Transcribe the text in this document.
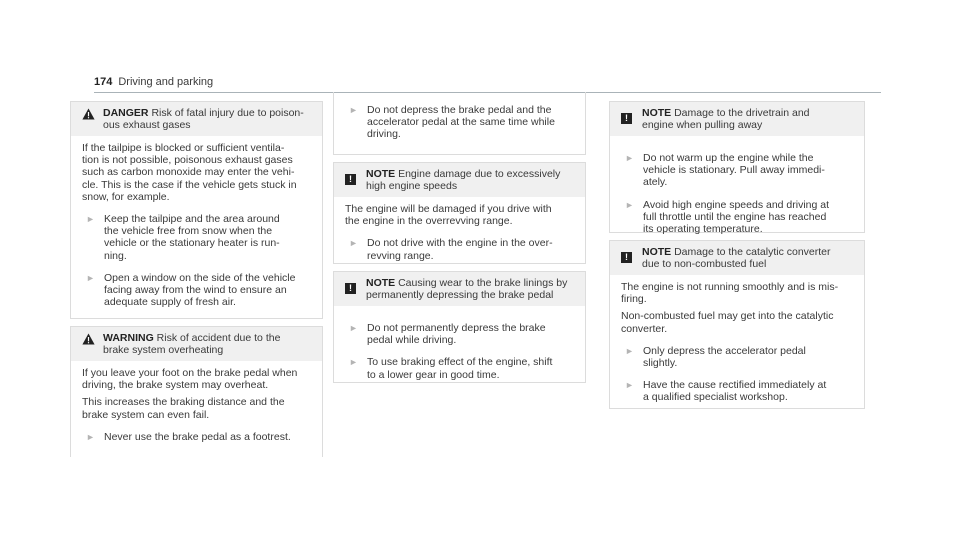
174 Driving and parking
DANGER Risk of fatal injury due to poison-
ous exhaust gases

If the tailpipe is blocked or sufficient ventila-
tion is not possible, poisonous exhaust gases
such as carbon monoxide may enter the vehi-
cle. This is the case if the vehicle gets stuck in
snow, for example.

► Keep the tailpipe and the area around
the vehicle free from snow when the
vehicle or the stationary heater is run-
ning.
► Open a window on the side of the vehicle
facing away from the wind to ensure an
adequate supply of fresh air.
WARNING Risk of accident due to the
brake system overheating

If you leave your foot on the brake pedal when
driving, the brake system may overheat.

This increases the braking distance and the
brake system can even fail.

► Never use the brake pedal as a footrest.
► Do not depress the brake pedal and the
accelerator pedal at the same time while
driving.
!	NOTE Engine damage due to excessively
high engine speeds

The engine will be damaged if you drive with
the engine in the overrevving range.

► Do not drive with the engine in the over-
revving range.
!	NOTE Causing wear to the brake linings by
permanently depressing the brake pedal
► Do not permanently depress the brake
pedal while driving.
► To use braking effect of the engine, shift
to a lower gear in good time.
!	NOTE Damage to the drivetrain and
engine when pulling away
► Do not warm up the engine while the
vehicle is stationary. Pull away immedi-
ately.
► Avoid high engine speeds and driving at
full throttle until the engine has reached
its operating temperature.
!	NOTE Damage to the catalytic converter
due to non-combusted fuel

The engine is not running smoothly and is mis-
firing.

Non-combusted fuel may get into the catalytic
converter.

► Only depress the accelerator pedal
slightly.
► Have the cause rectified immediately at
a qualified specialist workshop.
